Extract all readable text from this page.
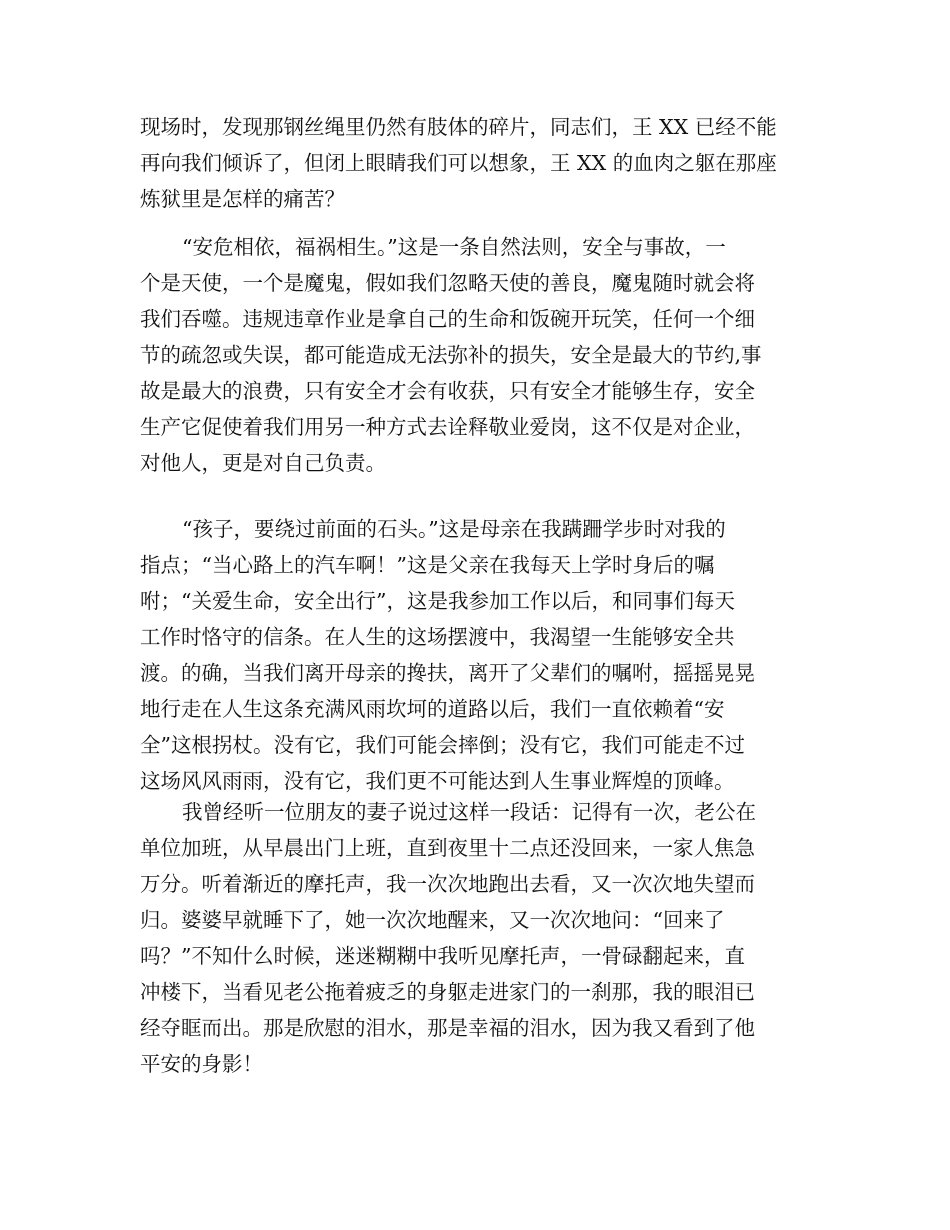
现场时，发现那钢丝绳里仍然有肢体的碎片，同志们，王 XX 已经不能
再向我们倾诉了，但闭上眼睛我们可以想象，王 XX 的血肉之躯在那座
炼狱里是怎样的痛苦？
“安危相依，福祸相生。”这是一条自然法则，安全与事故，一
个是天使，一个是魔鬼，假如我们忽略天使的善良，魔鬼随时就会将
我们吞噬。违规违章作业是拿自己的生命和饭碗开玩笑，任何一个细
节的疏忽或失误，都可能造成无法弥补的损失，安全是最大的节约,事
故是最大的浪费，只有安全才会有收获，只有安全才能够生存，安全
生产它促使着我们用另一种方式去诠释敬业爱岗，这不仅是对企业，
对他人，更是对自己负责。
“孩子，要绕过前面的石头。”这是母亲在我蹒跚学步时对我的
指点；“当心路上的汽车啊！”这是父亲在我每天上学时身后的嘱
咐；“关爱生命，安全出行”，这是我参加工作以后，和同事们每天
工作时恪守的信条。在人生的这场摆渡中，我渴望一生能够安全共
渡。的确，当我们离开母亲的搀扶，离开了父辈们的嘱咐，摇摇晃晃
地行走在人生这条充满风雨坎坷的道路以后，我们一直依赖着“安
全”这根拐杖。没有它，我们可能会摔倒；没有它，我们可能走不过
这场风风雨雨，没有它，我们更不可能达到人生事业辉煌的顶峰。
我曾经听一位朋友的妻子说过这样一段话：记得有一次，老公在
单位加班，从早晨出门上班，直到夜里十二点还没回来，一家人焦急
万分。听着渐近的摩托声，我一次次地跑出去看，又一次次地失望而
归。婆婆早就睡下了，她一次次地醒来，又一次次地问：“回来了
吗？”不知什么时候，迷迷糊糊中我听见摩托声，一骨碌翻起来，直
冲楼下，当看见老公拖着疲乏的身躯走进家门的一刹那，我的眼泪已
经夺眶而出。那是欣慰的泪水，那是幸福的泪水，因为我又看到了他
平安的身影！
